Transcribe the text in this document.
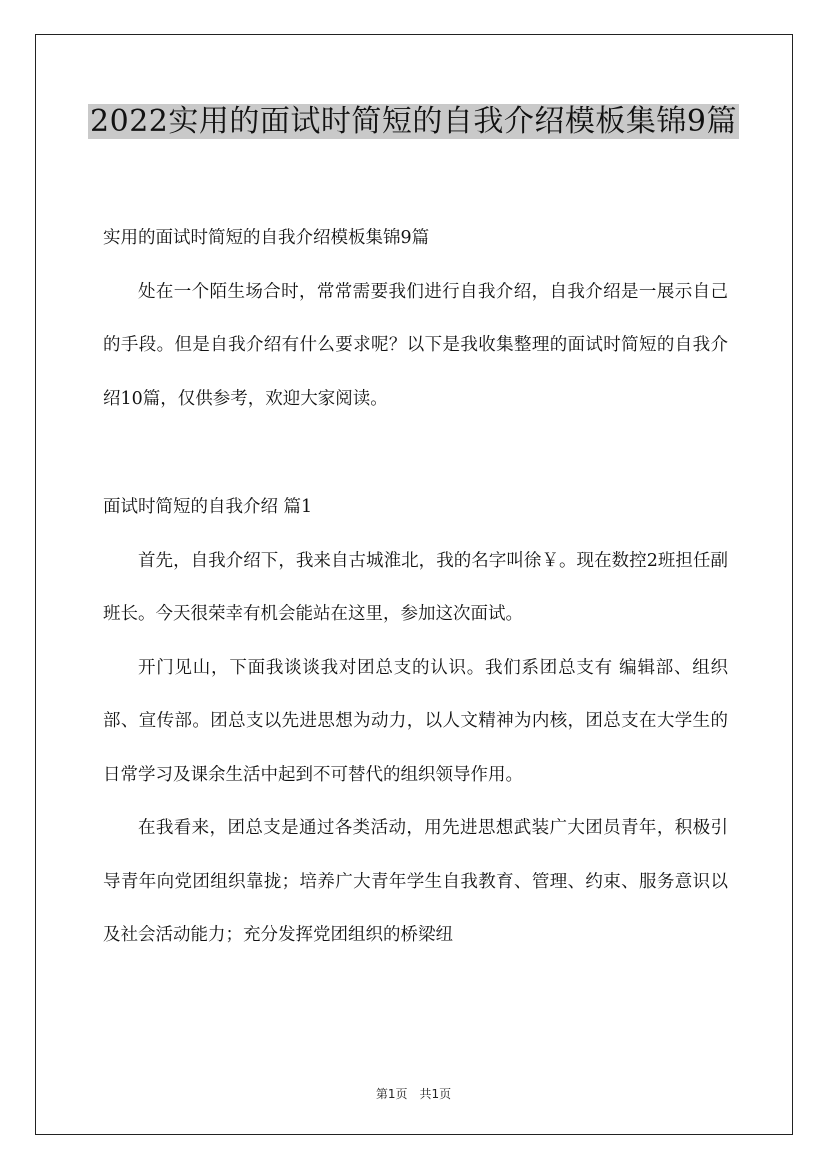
2022实用的面试时简短的自我介绍模板集锦9篇

实用的面试时简短的自我介绍模板集锦9篇

处在一个陌生场合时，常常需要我们进行自我介绍，自我介绍是一展示自己的手段。但是自我介绍有什么要求呢？以下是我收集整理的面试时简短的自我介绍10篇，仅供参考，欢迎大家阅读。

面试时简短的自我介绍 篇1

首先，自我介绍下，我来自古城淮北，我的名字叫徐￥。现在数控2班担任副班长。今天很荣幸有机会能站在这里，参加这次面试。

开门见山，下面我谈谈我对团总支的认识。我们系团总支有 编辑部、组织部、宣传部。团总支以先进思想为动力，以人文精神为内核，团总支在大学生的日常学习及课余生活中起到不可替代的组织领导作用。

在我看来，团总支是通过各类活动，用先进思想武装广大团员青年，积极引导青年向党团组织靠拢；培养广大青年学生自我教育、管理、约束、服务意识以及社会活动能力；充分发挥党团组织的桥梁纽

第1页　共1页
